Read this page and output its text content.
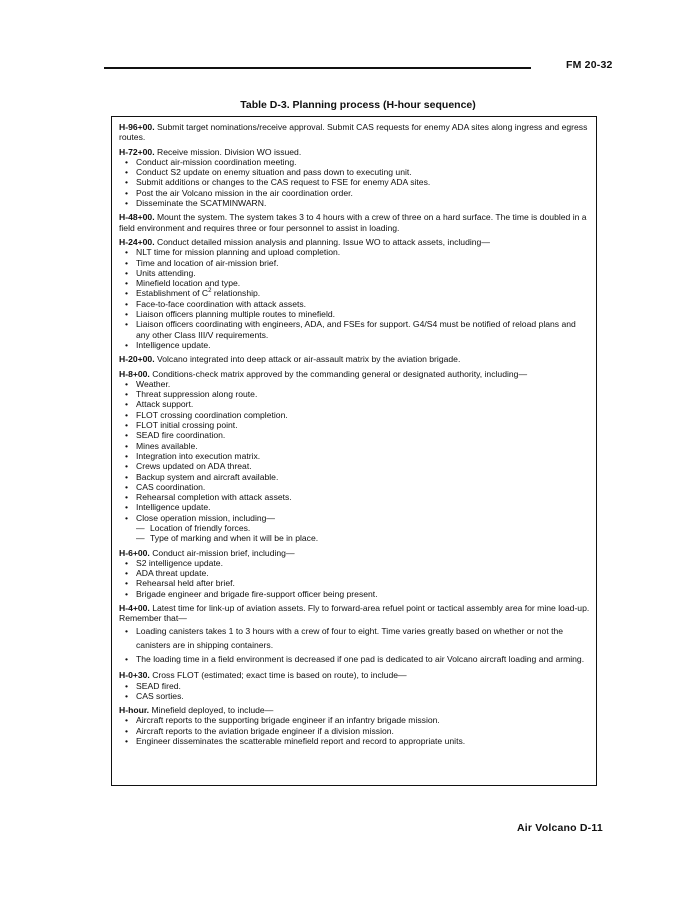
FM 20-32
Table D-3. Planning process (H-hour sequence)
H-96+00. Submit target nominations/receive approval. Submit CAS requests for enemy ADA sites along ingress and egress routes.
H-72+00. Receive mission. Division WO issued.
• Conduct air-mission coordination meeting.
• Conduct S2 update on enemy situation and pass down to executing unit.
• Submit additions or changes to the CAS request to FSE for enemy ADA sites.
• Post the air Volcano mission in the air coordination order.
• Disseminate the SCATMINWARN.
H-48+00. Mount the system. The system takes 3 to 4 hours with a crew of three on a hard surface. The time is doubled in a field environment and requires three or four personnel to assist in loading.
H-24+00. Conduct detailed mission analysis and planning. Issue WO to attack assets, including—
• NLT time for mission planning and upload completion.
• Time and location of air-mission brief.
• Units attending.
• Minefield location and type.
• Establishment of $C^2$ relationship.
• Face-to-face coordination with attack assets.
• Liaison officers planning multiple routes to minefield.
• Liaison officers coordinating with engineers, ADA, and FSEs for support. G4/S4 must be notified of reload plans and any other Class III/V requirements.
• Intelligence update.
H-20+00. Volcano integrated into deep attack or air-assault matrix by the aviation brigade.
H-8+00. Conditions-check matrix approved by the commanding general or designated authority, including—
• Weather.
• Threat suppression along route.
• Attack support.
• FLOT crossing coordination completion.
• FLOT initial crossing point.
• SEAD fire coordination.
• Mines available.
• Integration into execution matrix.
• Crews updated on ADA threat.
• Backup system and aircraft available.
• CAS coordination.
• Rehearsal completion with attack assets.
• Intelligence update.
• Close operation mission, including—
— Location of friendly forces.
— Type of marking and when it will be in place.
H-6+00. Conduct air-mission brief, including—
• S2 intelligence update.
• ADA threat update.
• Rehearsal held after brief.
• Brigade engineer and brigade fire-support officer being present.
H-4+00. Latest time for link-up of aviation assets. Fly to forward-area refuel point or tactical assembly area for mine load-up. Remember that—
• Loading canisters takes 1 to 3 hours with a crew of four to eight. Time varies greatly based on whether or not the canisters are in shipping containers.
• The loading time in a field environment is decreased if one pad is dedicated to air Volcano aircraft loading and arming.
H-0+30. Cross FLOT (estimated; exact time is based on route), to include—
• SEAD fired.
• CAS sorties.
H-hour. Minefield deployed, to include—
• Aircraft reports to the supporting brigade engineer if an infantry brigade mission.
• Aircraft reports to the aviation brigade engineer if a division mission.
• Engineer disseminates the scatterable minefield report and record to appropriate units.
Air Volcano D-11
